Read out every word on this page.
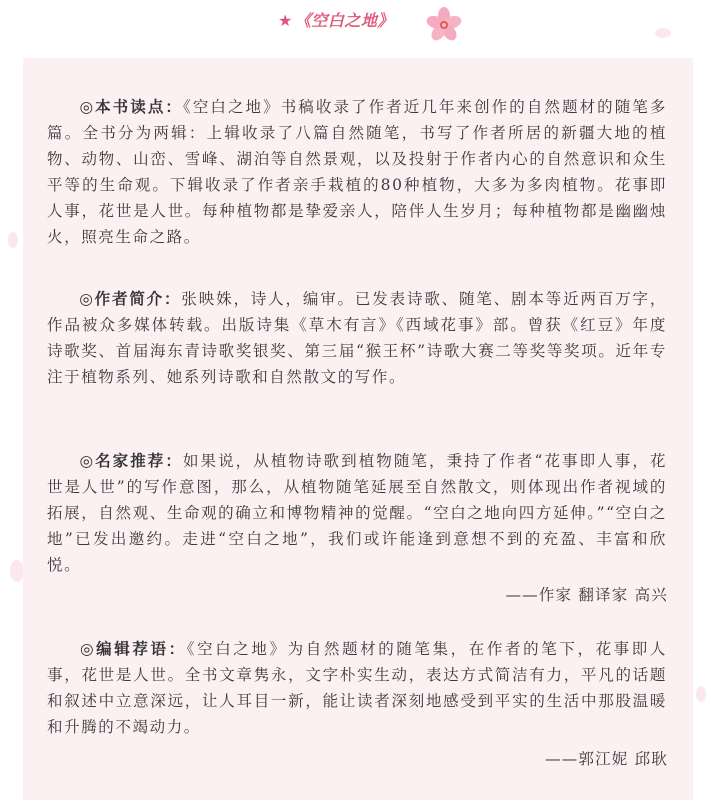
★ 《空白之地》

◎本书读点：《空白之地》书稿收录了作者近几年来创作的自然题材的随笔多篇。全书分为两辑：上辑收录了八篇自然随笔，书写了作者所居的新疆大地的植物、动物、山峦、雪峰、湖泊等自然景观，以及投射于作者内心的自然意识和众生平等的生命观。下辑收录了作者亲手栽植的80种植物，大多为多肉植物。花事即人事，花世是人世。每种植物都是挚爱亲人，陪伴人生岁月；每种植物都是幽幽烛火，照亮生命之路。

◎作者简介：张映姝，诗人，编审。已发表诗歌、随笔、剧本等近两百万字，作品被众多媒体转载。出版诗集《草木有言》《西域花事》部。曾获《红豆》年度诗歌奖、首届海东青诗歌奖银奖、第三届“猴王杯”诗歌大赛二等奖等奖项。近年专注于植物系列、她系列诗歌和自然散文的写作。

◎名家推荐：如果说，从植物诗歌到植物随笔，秉持了作者“花事即人事，花世是人世”的写作意图，那么，从植物随笔延展至自然散文，则体现出作者视域的拓展，自然观、生命观的确立和博物精神的觉醒。“空白之地向四方延伸。”“空白之地”已发出邀约。走进“空白之地”，我们或许能逢到意想不到的充盈、丰富和欣悦。

——作家 翻译家 高兴

◎编辑荐语：《空白之地》为自然题材的随笔集，在作者的笔下，花事即人事，花世是人世。全书文章隽永，文字朴实生动，表达方式简洁有力，平凡的话题和叙述中立意深远，让人耳目一新，能让读者深刻地感受到平实的生活中那股温暖和升腾的不竭动力。

——郭江妮 邱耿
